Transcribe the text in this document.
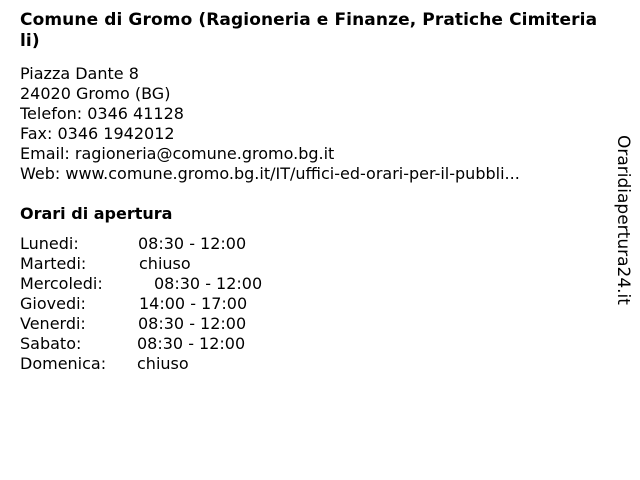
Comune di Gromo (Ragioneria e Finanze, Pratiche Cimiteriali)
Piazza Dante 8
24020 Gromo (BG)
Telefon: 0346 41128
Fax: 0346 1942012
Email: ragioneria@comune.gromo.bg.it
Web: www.comune.gromo.bg.it/IT/uffici-ed-orari-per-il-pubbli...
Orari di apertura
Lunedi:	08:30 - 12:00
Martedi:	chiuso
Mercoledi:	08:30 - 12:00
Giovedi:	14:00 - 17:00
Venerdi:	08:30 - 12:00
Sabato:	08:30 - 12:00
Domenica: chiuso
Oraridiapertura24.it
